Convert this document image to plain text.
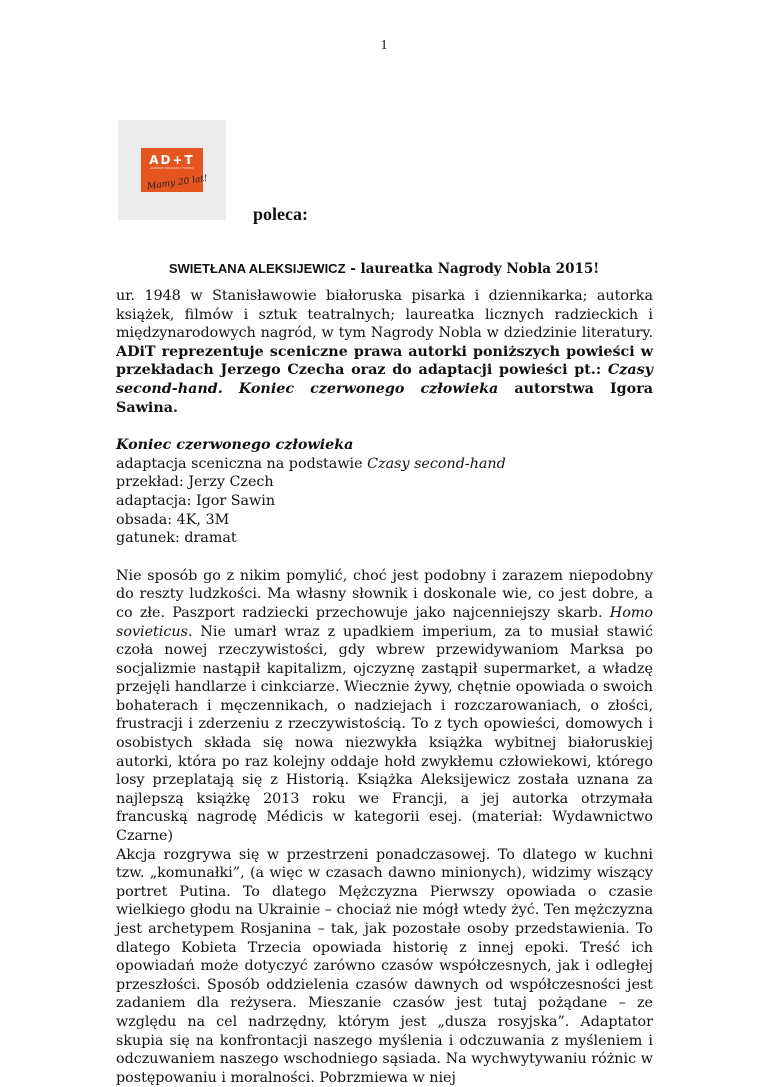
1
AD+T
AGENCJA DRAMATU I TEATRU
Mamy 20 lat!
poleca:
SWIETŁANA ALEKSIJEWICZ - laureatka Nagrody Nobla 2015!

ur. 1948 w Stanisławowie białoruska pisarka i dziennikarka; autorka książek, filmów i sztuk teatralnych; laureatka licznych radzieckich i międzynarodowych nagród, w tym Nagrody Nobla w dziedzinie literatury. ADiT reprezentuje sceniczne prawa autorki poniższych powieści w przekładach Jerzego Czecha oraz do adaptacji powieści pt.: Czasy second-hand. Koniec czerwonego człowieka autorstwa Igora Sawina.

Koniec czerwonego człowieka

adaptacja sceniczna na podstawie Czasy second-hand

przekład: Jerzy Czech

adaptacja: Igor Sawin

obsada: 4K, 3M

gatunek: dramat

Nie sposób go z nikim pomylić, choć jest podobny i zarazem niepodobny do reszty ludzkości. Ma własny słownik i doskonale wie, co jest dobre, a co złe. Paszport radziecki przechowuje jako najcenniejszy skarb. Homo sovieticus. Nie umarł wraz z upadkiem imperium, za to musiał stawić czoła nowej rzeczywistości, gdy wbrew przewidywaniom Marksa po socjalizmie nastąpił kapitalizm, ojczyznę zastąpił supermarket, a władzę przejęli handlarze i cinkciarze. Wiecznie żywy, chętnie opowiada o swoich bohaterach i męczennikach, o nadziejach i rozczarowaniach, o złości, frustracji i zderzeniu z rzeczywistością. To z tych opowieści, domowych i osobistych składa się nowa niezwykła książka wybitnej białoruskiej autorki, która po raz kolejny oddaje hołd zwykłemu człowiekowi, którego losy przeplatają się z Historią. Książka Aleksijewicz została uznana za najlepszą książkę 2013 roku we Francji, a jej autorka otrzymała francuską nagrodę Médicis w kategorii esej. (materiał: Wydawnictwo Czarne)

Akcja rozgrywa się w przestrzeni ponadczasowej. To dlatego w kuchni tzw. „komunałki”, (a więc w czasach dawno minionych), widzimy wiszący portret Putina. To dlatego Mężczyzna Pierwszy opowiada o czasie wielkiego głodu na Ukrainie – chociaż nie mógł wtedy żyć. Ten mężczyzna jest archetypem Rosjanina – tak, jak pozostałe osoby przedstawienia. To dlatego Kobieta Trzecia opowiada historię z innej epoki. Treść ich opowiadań może dotyczyć zarówno czasów współczesnych, jak i odległej przeszłości. Sposób oddzielenia czasów dawnych od współczesności jest zadaniem dla reżysera. Mieszanie czasów jest tutaj pożądane – ze względu na cel nadrzędny, którym jest „dusza rosyjska”. Adaptator skupia się na konfrontacji naszego myślenia i odczuwania z myśleniem i odczuwaniem naszego wschodniego sąsiada. Na wychwytywaniu różnic w postępowaniu i moralności. Pobrzmiewa w niej
